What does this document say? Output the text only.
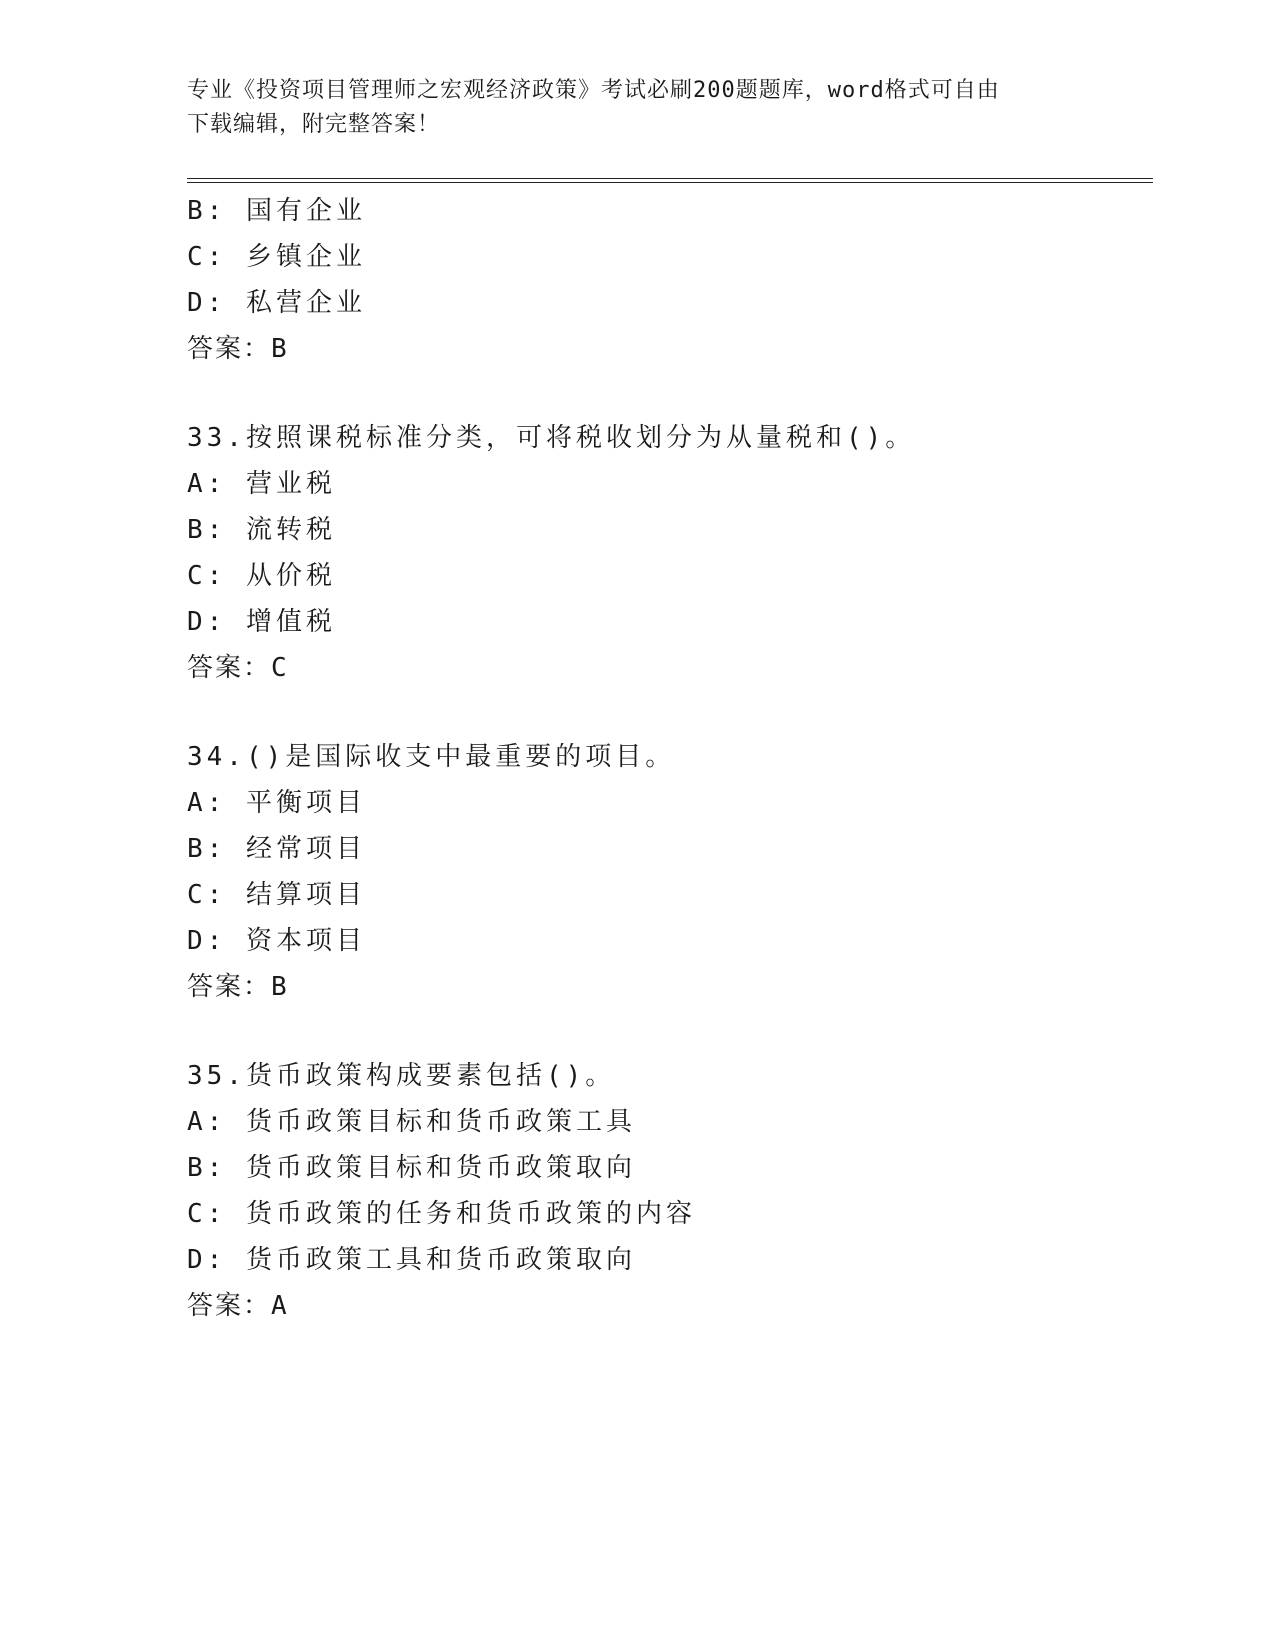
专业《投资项目管理师之宏观经济政策》考试必刷200题题库，word格式可自由
下载编辑，附完整答案！
B: 国有企业
C: 乡镇企业
D: 私营企业
答案：B
33.按照课税标准分类，可将税收划分为从量税和()。
A: 营业税
B: 流转税
C: 从价税
D: 增值税
答案：C
34.()是国际收支中最重要的项目。
A: 平衡项目
B: 经常项目
C: 结算项目
D: 资本项目
答案：B
35.货币政策构成要素包括()。
A: 货币政策目标和货币政策工具
B: 货币政策目标和货币政策取向
C: 货币政策的任务和货币政策的内容
D: 货币政策工具和货币政策取向
答案：A
